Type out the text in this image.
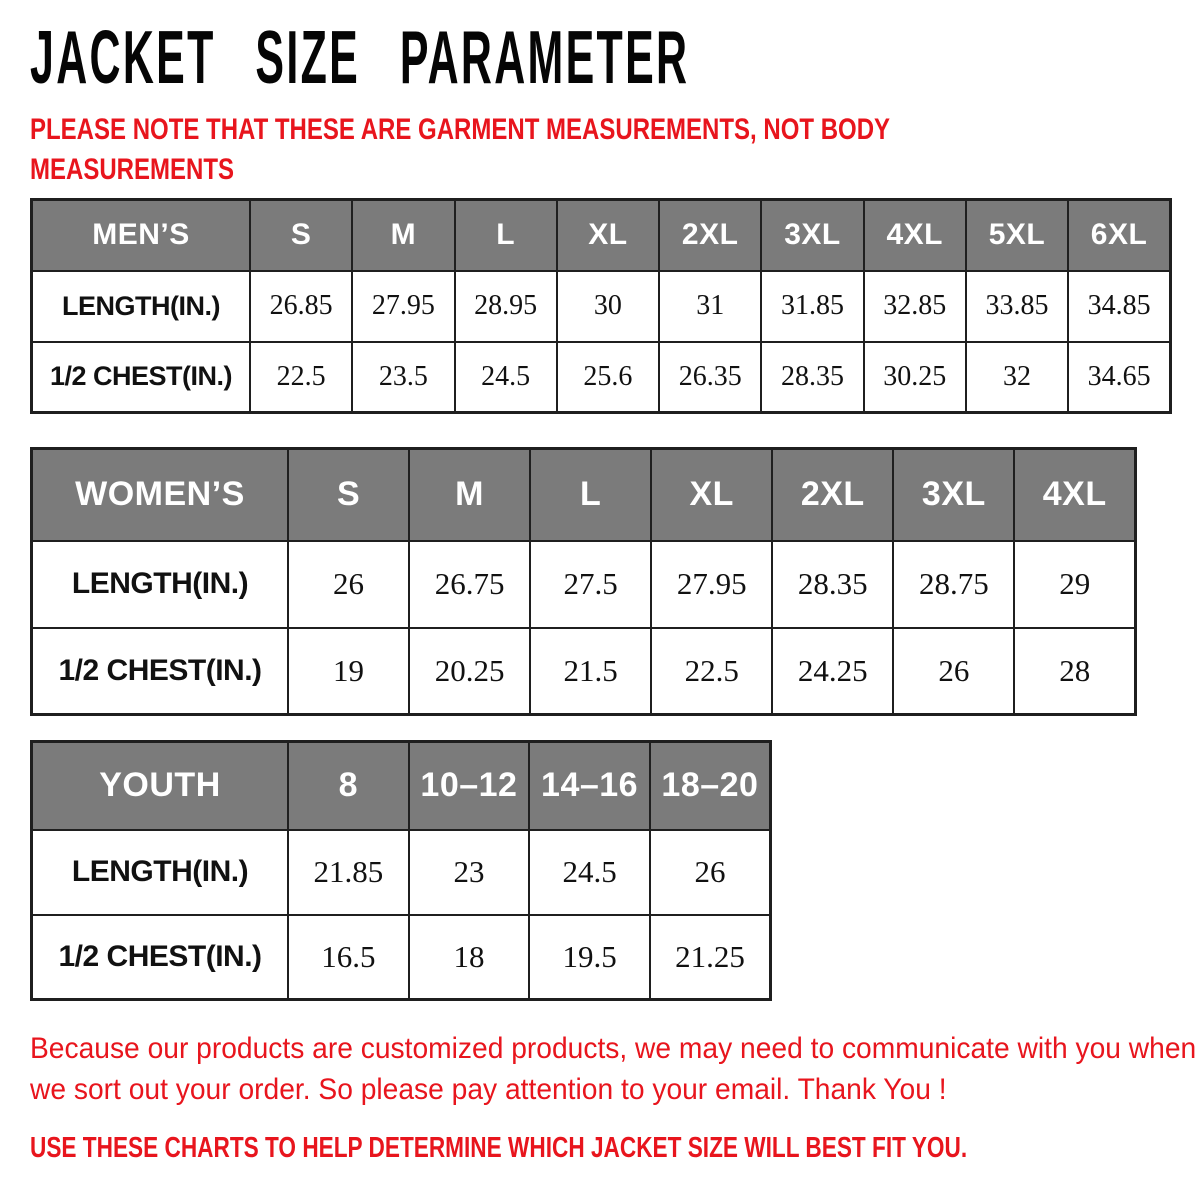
JACKET SIZE PARAMETER

PLEASE NOTE THAT THESE ARE GARMENT MEASUREMENTS, NOT BODY MEASUREMENTS

MEN’S	S	M	L	XL	2XL	3XL	4XL	5XL	6XL
LENGTH(IN.)	26.85	27.95	28.95	30	31	31.85	32.85	33.85	34.85
1/2 CHEST(IN.)	22.5	23.5	24.5	25.6	26.35	28.35	30.25	32	34.65
WOMEN’S	S	M	L	XL	2XL	3XL	4XL
LENGTH(IN.)	26	26.75	27.5	27.95	28.35	28.75	29
1/2 CHEST(IN.)	19	20.25	21.5	22.5	24.25	26	28
YOUTH	8	10–12	14–16	18–20
LENGTH(IN.)	21.85	23	24.5	26
1/2 CHEST(IN.)	16.5	18	19.5	21.25

Because our products are customized products, we may need to communicate with you when we sort out your order. So please pay attention to your email. Thank You !

USE THESE CHARTS TO HELP DETERMINE WHICH JACKET SIZE WILL BEST FIT YOU.
